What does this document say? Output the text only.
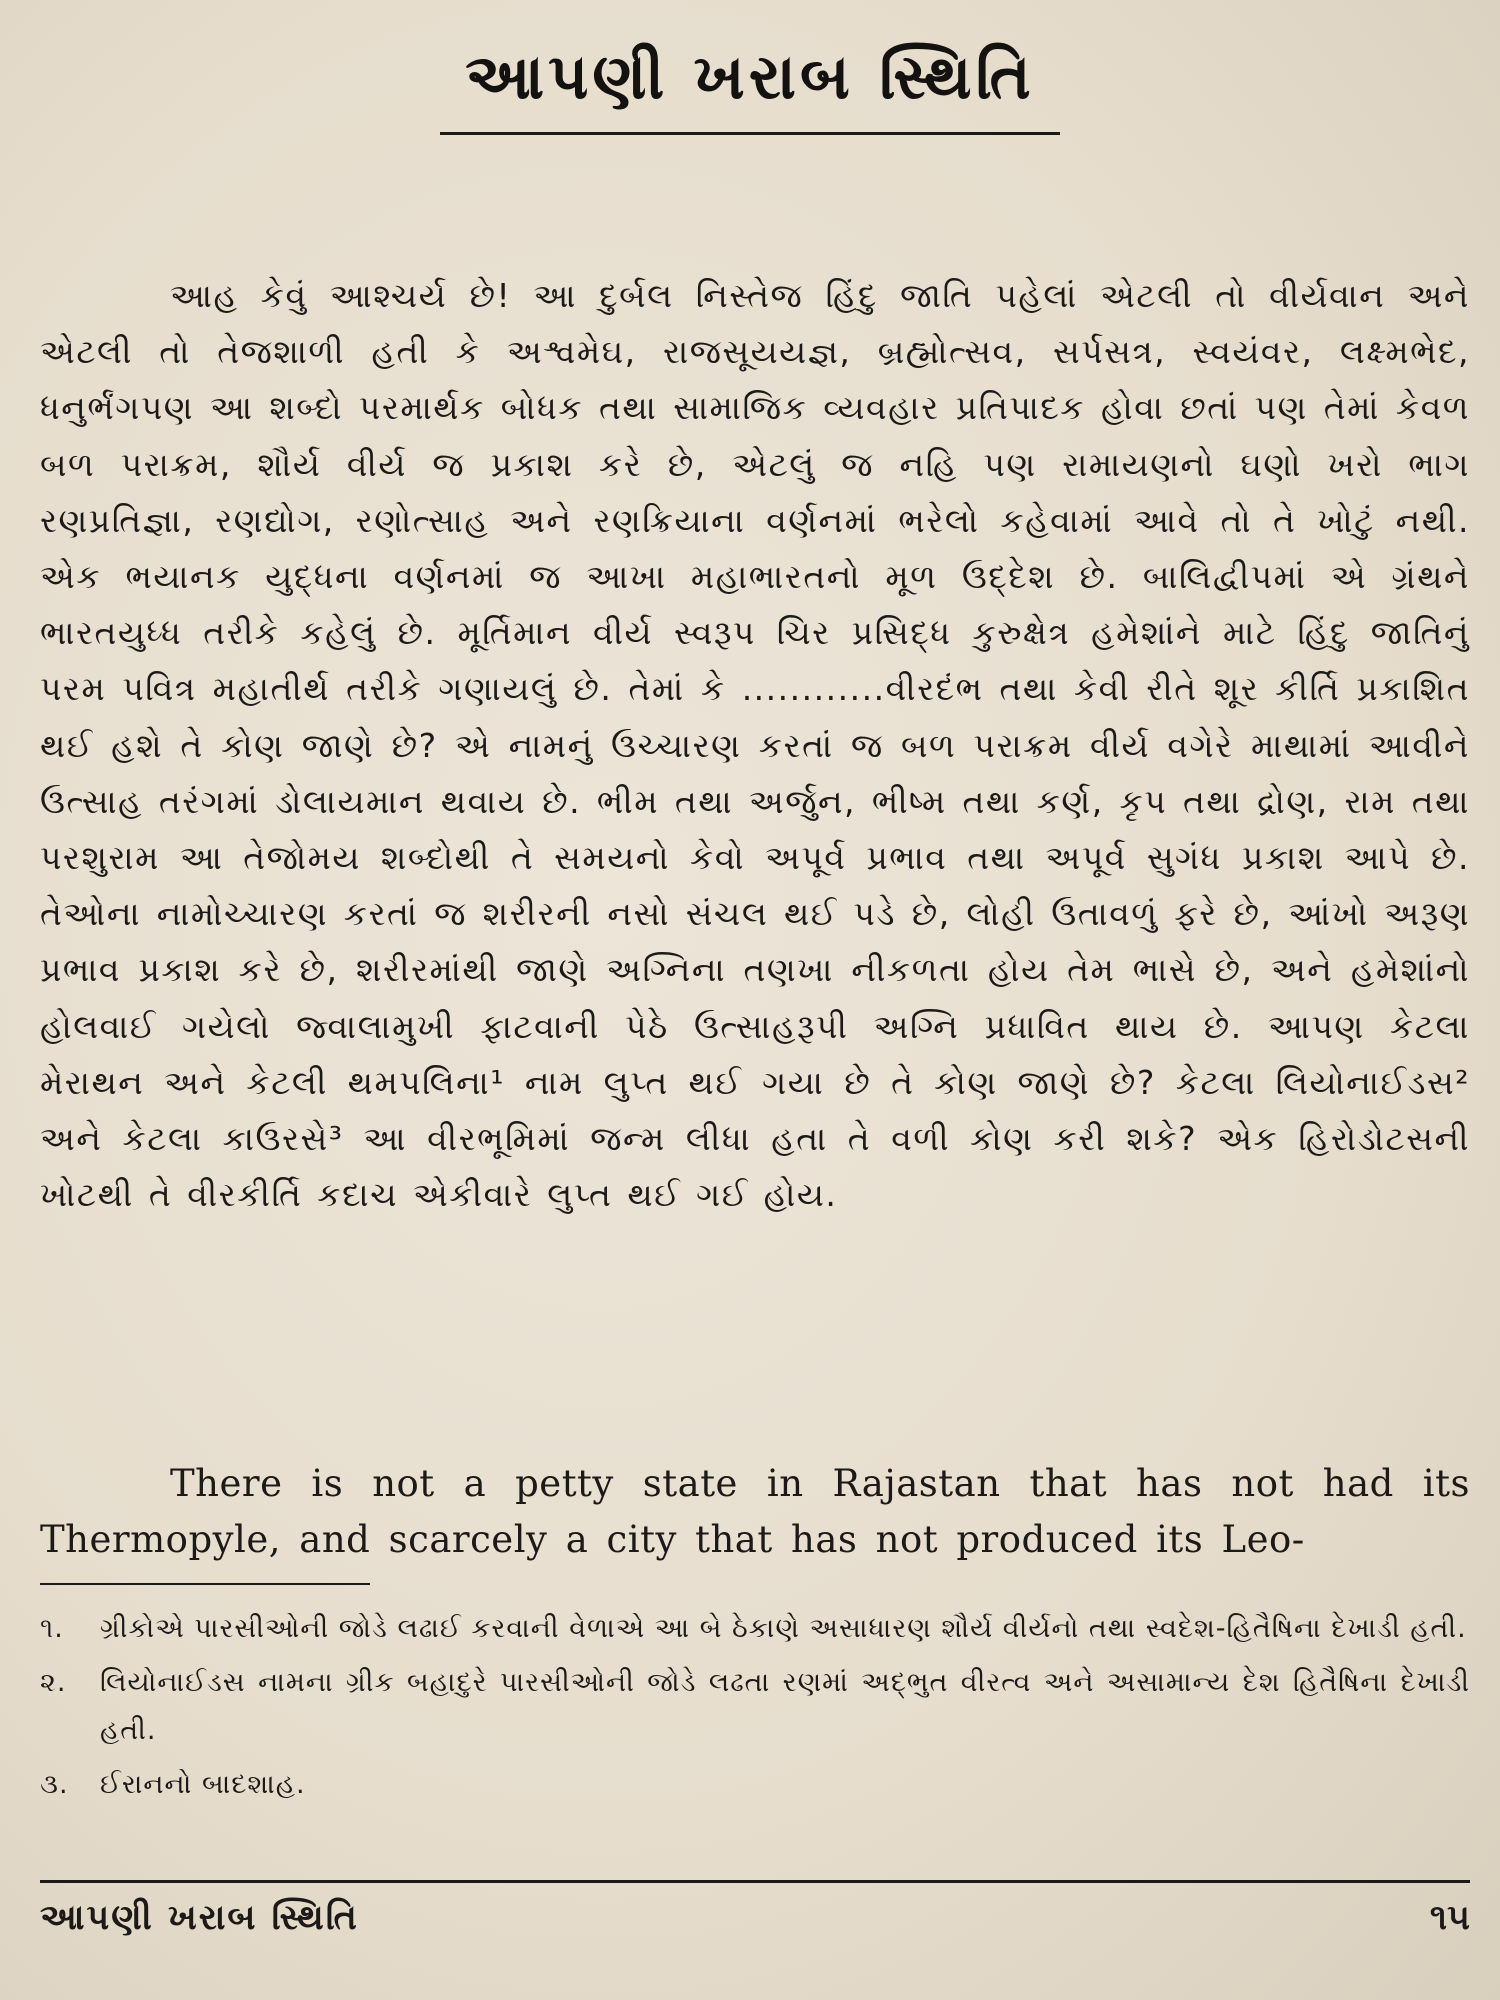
આપણી ખરાબ સ્થિતિ

આહ કેવું આશ્ચર્ય છે! આ દુર્બલ નિસ્તેજ હિંદુ જાતિ પહેલાં એટલી તો વીર્યવાન અને એટલી તો તેજશાળી હતી કે અશ્વમેઘ, રાજસૂયયજ્ઞ, બ્રહ્મોત્સવ, સર્પસત્ર, સ્વયંવર, લક્ષ્મભેદ, ધનુર્ભંગપણ આ શબ્દો પરમાર્થક બોધક તથા સામાજિક વ્યવહાર પ્રતિપાદક હોવા છતાં પણ તેમાં કેવળ બળ પરાક્રમ, શૌર્ય વીર્ય જ પ્રકાશ કરે છે, એટલું જ નહિ પણ રામાયણનો ઘણો ખરો ભાગ રણપ્રતિજ્ઞા, રણદ્યોગ, રણોત્સાહ અને રણક્રિયાના વર્ણનમાં ભરેલો કહેવામાં આવે તો તે ખોટું નથી. એક ભયાનક યુદ્ધના વર્ણનમાં જ આખા મહાભારતનો મૂળ ઉદ્દેશ છે. બાલિદ્વીપમાં એ ગ્રંથને ભારતયુધ્ધ તરીકે કહેલું છે. મૂર્તિમાન વીર્ય સ્વરૂપ ચિર પ્રસિદ્ધ કુરુક્ષેત્ર હમેશાંને માટે હિંદુ જાતિનું પરમ પવિત્ર મહાતીર્થ તરીકે ગણાયલું છે. તેમાં કે ............વીરદંભ તથા કેવી રીતે શૂર કીર્તિ પ્રકાશિત થઈ હશે તે કોણ જાણે છે? એ નામનું ઉચ્ચારણ કરતાં જ બળ પરાક્રમ વીર્ય વગેરે માથામાં આવીને ઉત્સાહ તરંગમાં ડોલાયમાન થવાય છે. ભીમ તથા અર્જુન, ભીષ્મ તથા કર્ણ, કૃપ તથા દ્રોણ, રામ તથા પરશુરામ આ તેજોમય શબ્દોથી તે સમયનો કેવો અપૂર્વ પ્રભાવ તથા અપૂર્વ સુગંધ પ્રકાશ આપે છે. તેઓના નામોચ્ચારણ કરતાં જ શરીરની નસો સંચલ થઈ પડે છે, લોહી ઉતાવળું ફરે છે, આંખો અરૂણ પ્રભાવ પ્રકાશ કરે છે, શરીરમાંથી જાણે અગ્નિના તણખા નીકળતા હોય તેમ ભાસે છે, અને હમેશાંનો હોલવાઈ ગયેલો જ્વાલામુખી ફાટવાની પેઠે ઉત્સાહરૂપી અગ્નિ પ્રધાવિત થાય છે. આપણ કેટલા મેરાથન અને કેટલી થમપલિના¹ નામ લુપ્ત થઈ ગયા છે તે કોણ જાણે છે? કેટલા લિયોનાઈડસ² અને કેટલા કાઉરસે³ આ વીરભૂમિમાં જન્મ લીધા હતા તે વળી કોણ કરી શકે? એક હિરોડોટસની ખોટથી તે વીરકીર્તિ કદાચ એકીવારે લુપ્ત થઈ ગઈ હોય.

There is not a petty state in Rajastan that has not had its Thermopyle, and scarcely a city that has not produced its Leo-

૧.	ગ્રીકોએ પારસીઓની જોડે લઢાઈ કરવાની વેળાએ આ બે ઠેકાણે અસાધારણ શૌર્ય વીર્યનો તથા સ્વદેશ-હિતૈષિના દેખાડી હતી.
૨.	લિયોનાઈડસ નામના ગ્રીક બહાદુરે પારસીઓની જોડે લઢતા રણમાં અદ્ભુત વીરત્વ અને અસામાન્ય દેશ હિતૈષિના દેખાડી હતી.
૩.	ઈરાનનો બાદશાહ.
આપણી ખરાબ સ્થિતિ	૧૫
